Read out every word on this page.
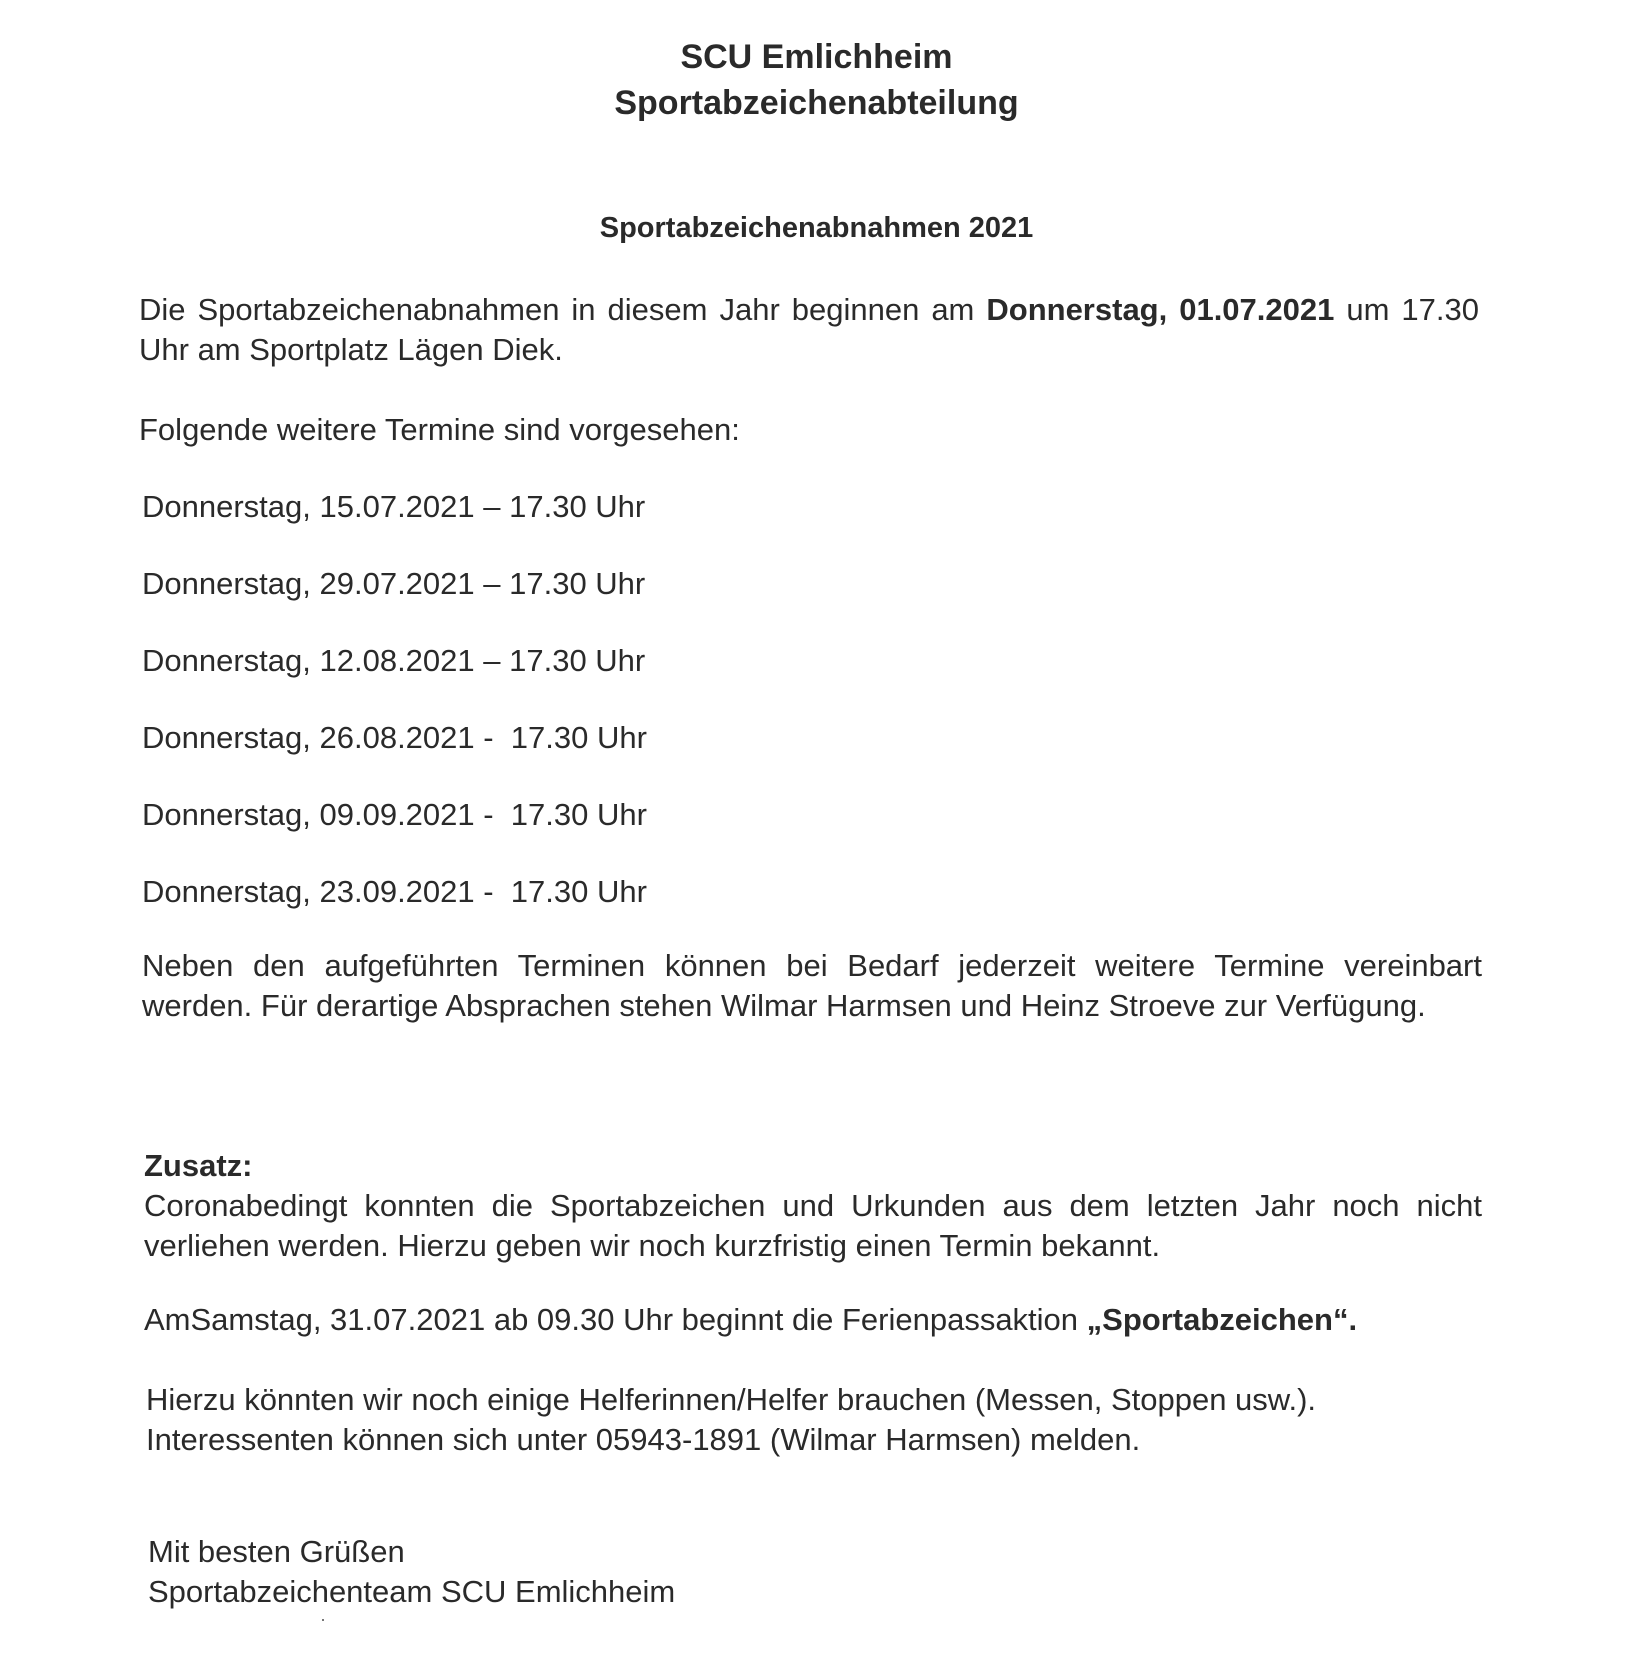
SCU Emlichheim
Sportabzeichenabteilung
Sportabzeichenabnahmen 2021
Die Sportabzeichenabnahmen in diesem Jahr beginnen am Donnerstag, 01.07.2021 um 17.30 Uhr am Sportplatz Lägen Diek.
Folgende weitere Termine sind vorgesehen:
Donnerstag, 15.07.2021 – 17.30 Uhr
Donnerstag, 29.07.2021 – 17.30 Uhr
Donnerstag, 12.08.2021 – 17.30 Uhr
Donnerstag, 26.08.2021 -  17.30 Uhr
Donnerstag, 09.09.2021 -  17.30 Uhr
Donnerstag, 23.09.2021 -  17.30 Uhr
Neben den aufgeführten Terminen können bei Bedarf jederzeit weitere Termine vereinbart werden. Für derartige Absprachen stehen Wilmar Harmsen und Heinz Stroeve zur Verfügung.
Zusatz:
Coronabedingt konnten die Sportabzeichen und Urkunden aus dem letzten Jahr noch nicht verliehen werden. Hierzu geben wir noch kurzfristig einen Termin bekannt.
AmSamstag, 31.07.2021 ab 09.30 Uhr beginnt die Ferienpassaktion „Sportabzeichen“.
Hierzu könnten wir noch einige Helferinnen/Helfer brauchen (Messen, Stoppen usw.).
Interessenten können sich unter 05943-1891 (Wilmar Harmsen) melden.
Mit besten Grüßen
Sportabzeichenteam SCU Emlichheim
